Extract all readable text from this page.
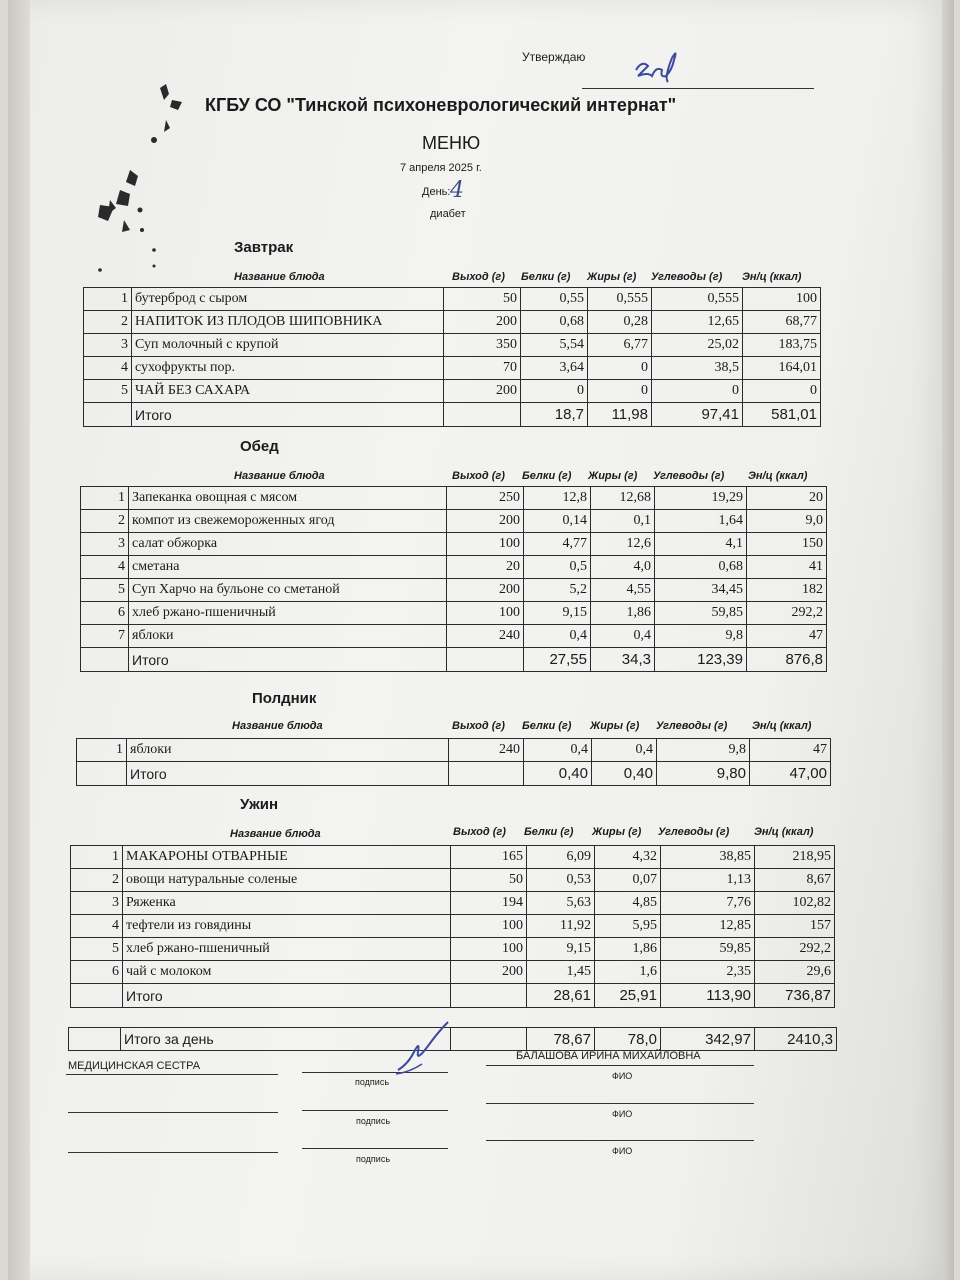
Утверждаю
КГБУ СО "Тинской психоневрологический интернат"
МЕНЮ
7 апреля 2025 г.
День: 4
диабет
Завтрак
Название блюда	Выход (г) Белки (г) Жиры (г) Углеводы (г) Эн/ц (ккал)
1	бутерброд с сыром	50	0,55	0,555	0,555	100
2	НАПИТОК ИЗ ПЛОДОВ ШИПОВНИКА	200	0,68	0,28	12,65	68,77
3	Суп молочный с крупой	350	5,54	6,77	25,02	183,75
4	сухофрукты пор.	70	3,64	0	38,5	164,01
5	ЧАЙ БЕЗ САХАРА	200	0	0	0	0
	Итого		18,7	11,98	97,41	581,01
Обед
Название блюда	Выход (г) Белки (г) Жиры (г) Углеводы (г) Эн/ц (ккал)
1	Запеканка овощная с мясом	250	12,8	12,68	19,29	20
2	компот из свежемороженных ягод	200	0,14	0,1	1,64	9,0
3	салат обжорка	100	4,77	12,6	4,1	150
4	сметана	20	0,5	4,0	0,68	41
5	Суп Харчо на бульоне со сметаной	200	5,2	4,55	34,45	182
6	хлеб ржано-пшеничный	100	9,15	1,86	59,85	292,2
7	яблоки	240	0,4	0,4	9,8	47
	Итого		27,55	34,3	123,39	876,8
Полдник
Название блюда	Выход (г) Белки (г) Жиры (г) Углеводы (г) Эн/ц (ккал)
1	яблоки	240	0,4	0,4	9,8	47
	Итого		0,40	0,40	9,80	47,00
Ужин
Название блюда	Выход (г) Белки (г) Жиры (г) Углеводы (г) Эн/ц (ккал)
1	МАКАРОНЫ ОТВАРНЫЕ	165	6,09	4,32	38,85	218,95
2	овощи натуральные соленые	50	0,53	0,07	1,13	8,67
3	Ряженка	194	5,63	4,85	7,76	102,82
4	тефтели из говядины	100	11,92	5,95	12,85	157
5	хлеб ржано-пшеничный	100	9,15	1,86	59,85	292,2
6	чай с молоком	200	1,45	1,6	2,35	29,6
	Итого		28,61	25,91	113,90	736,87
	Итого за день		78,67	78,0	342,97	2410,3
МЕДИЦИНСКАЯ СЕСТРА
подпись
БАЛАШОВА ИРИНА МИХАЙЛОВНА
ФИО
подпись
ФИО
подпись
ФИО
